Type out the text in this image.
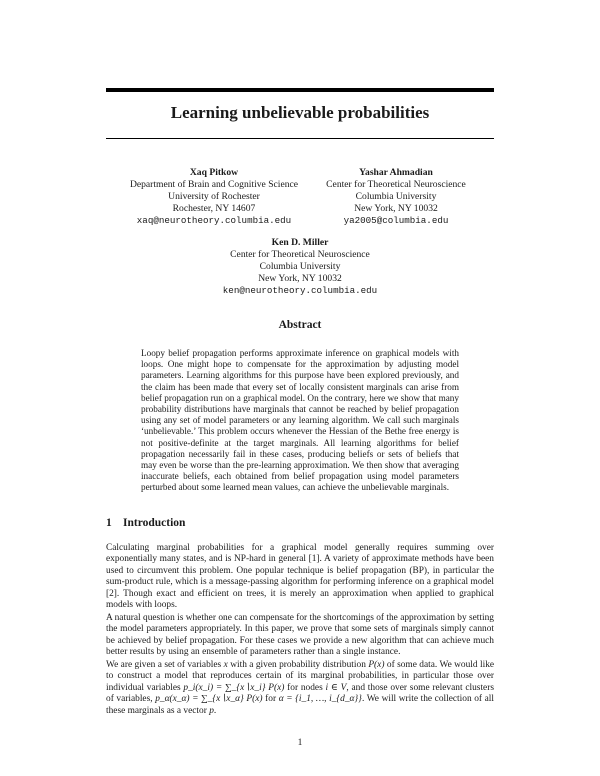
Learning unbelievable probabilities
Xaq Pitkow
Department of Brain and Cognitive Science
University of Rochester
Rochester, NY 14607
xaq@neurotheory.columbia.edu
Yashar Ahmadian
Center for Theoretical Neuroscience
Columbia University
New York, NY 10032
ya2005@columbia.edu
Ken D. Miller
Center for Theoretical Neuroscience
Columbia University
New York, NY 10032
ken@neurotheory.columbia.edu
Abstract

Loopy belief propagation performs approximate inference on graphical models with loops. One might hope to compensate for the approximation by adjusting model parameters. Learning algorithms for this purpose have been explored previously, and the claim has been made that every set of locally consistent marginals can arise from belief propagation run on a graphical model. On the contrary, here we show that many probability distributions have marginals that cannot be reached by belief propagation using any set of model parameters or any learning algorithm. We call such marginals ‘unbelievable.’ This problem occurs whenever the Hessian of the Bethe free energy is not positive-definite at the target marginals. All learning algorithms for belief propagation necessarily fail in these cases, producing beliefs or sets of beliefs that may even be worse than the pre-learning approximation. We then show that averaging inaccurate beliefs, each obtained from belief propagation using model parameters perturbed about some learned mean values, can achieve the unbelievable marginals.

1 Introduction

Calculating marginal probabilities for a graphical model generally requires summing over exponentially many states, and is NP-hard in general [1]. A variety of approximate methods have been used to circumvent this problem. One popular technique is belief propagation (BP), in particular the sum-product rule, which is a message-passing algorithm for performing inference on a graphical model [2]. Though exact and efficient on trees, it is merely an approximation when applied to graphical models with loops.

A natural question is whether one can compensate for the shortcomings of the approximation by setting the model parameters appropriately. In this paper, we prove that some sets of marginals simply cannot be achieved by belief propagation. For these cases we provide a new algorithm that can achieve much better results by using an ensemble of parameters rather than a single instance.

We are given a set of variables x with a given probability distribution P(x) of some data. We would like to construct a model that reproduces certain of its marginal probabilities, in particular those over individual variables p_i(x_i) = ∑_{x∖x_i} P(x) for nodes i ∈ V, and those over some relevant clusters of variables, p_α(x_α) = ∑_{x∖x_α} P(x) for α = {i_1, …, i_{d_α}}. We will write the collection of all these marginals as a vector p.

1
